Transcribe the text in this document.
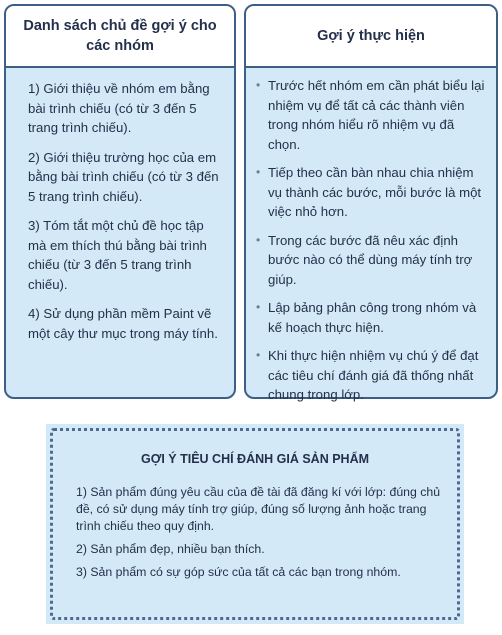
Danh sách chủ đề gợi ý cho các nhóm
1) Giới thiệu về nhóm em bằng bài trình chiếu (có từ 3 đến 5 trang trình chiếu).
2) Giới thiệu trường học của em bằng bài trình chiếu (có từ 3 đến 5 trang trình chiếu).
3) Tóm tắt một chủ đề học tập mà em thích thú bằng bài trình chiếu (từ 3 đến 5 trang trình chiếu).
4) Sử dụng phần mềm Paint vẽ một cây thư mục trong máy tính.
Gợi ý thực hiện
• Trước hết nhóm em cần phát biểu lại nhiệm vụ để tất cả các thành viên trong nhóm hiểu rõ nhiệm vụ đã chọn.
• Tiếp theo cần bàn nhau chia nhiệm vụ thành các bước, mỗi bước là một việc nhỏ hơn.
• Trong các bước đã nêu xác định bước nào có thể dùng máy tính trợ giúp.
• Lập bảng phân công trong nhóm và kế hoạch thực hiện.
• Khi thực hiện nhiệm vụ chú ý để đạt các tiêu chí đánh giá đã thống nhất chung trong lớp.
GỢI Ý TIÊU CHÍ ĐÁNH GIÁ SẢN PHẨM
1) Sản phẩm đúng yêu cầu của đề tài đã đăng kí với lớp: đúng chủ đề, có sử dụng máy tính trợ giúp, đúng số lượng ảnh hoặc trang trình chiếu theo quy định.
2) Sản phẩm đẹp, nhiều bạn thích.
3) Sản phẩm có sự góp sức của tất cả các bạn trong nhóm.
